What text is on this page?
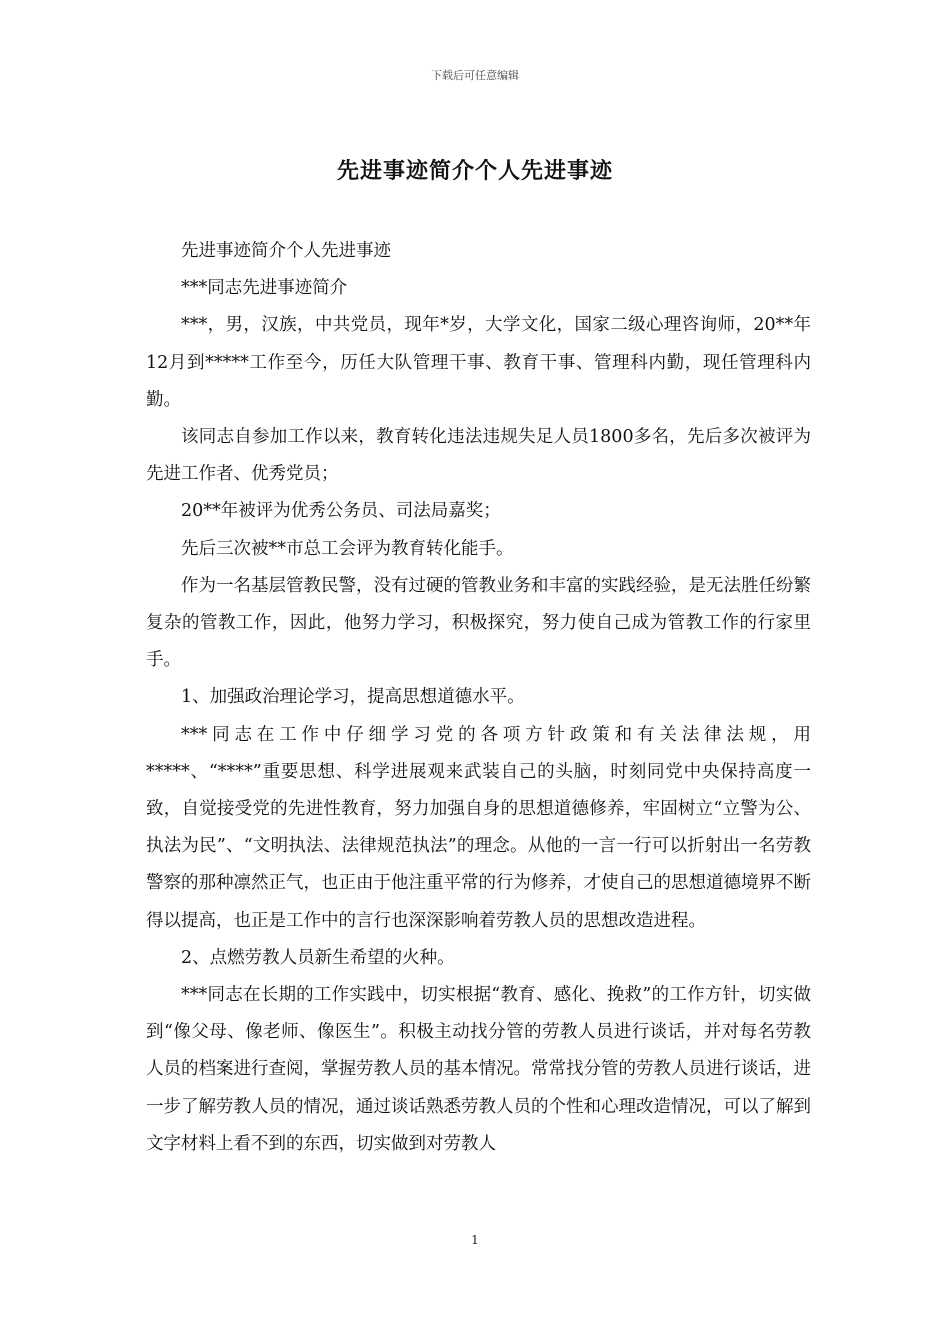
下载后可任意编辑
先进事迹简介个人先进事迹

先进事迹简介个人先进事迹

***同志先进事迹简介

***，男，汉族，中共党员，现年*岁，大学文化，国家二级心理咨询师，20**年12月到*****工作至今，历任大队管理干事、教育干事、管理科内勤，现任管理科内勤。

该同志自参加工作以来，教育转化违法违规失足人员1800多名，先后多次被评为先进工作者、优秀党员；

20**年被评为优秀公务员、司法局嘉奖；

先后三次被**市总工会评为教育转化能手。

作为一名基层管教民警，没有过硬的管教业务和丰富的实践经验，是无法胜任纷繁复杂的管教工作，因此，他努力学习，积极探究，努力使自己成为管教工作的行家里手。

1、加强政治理论学习，提高思想道德水平。

***同志在工作中仔细学习党的各项方针政策和有关法律法规，用*****、“****”重要思想、科学进展观来武装自己的头脑，时刻同党中央保持高度一致，自觉接受党的先进性教育，努力加强自身的思想道德修养，牢固树立“立警为公、执法为民”、“文明执法、法律规范执法”的理念。从他的一言一行可以折射出一名劳教警察的那种凛然正气，也正由于他注重平常的行为修养，才使自己的思想道德境界不断得以提高，也正是工作中的言行也深深影响着劳教人员的思想改造进程。

2、点燃劳教人员新生希望的火种。

***同志在长期的工作实践中，切实根据“教育、感化、挽救”的工作方针，切实做到“像父母、像老师、像医生”。积极主动找分管的劳教人员进行谈话，并对每名劳教人员的档案进行查阅，掌握劳教人员的基本情况。常常找分管的劳教人员进行谈话，进一步了解劳教人员的情况，通过谈话熟悉劳教人员的个性和心理改造情况，可以了解到文字材料上看不到的东西，切实做到对劳教人

1
